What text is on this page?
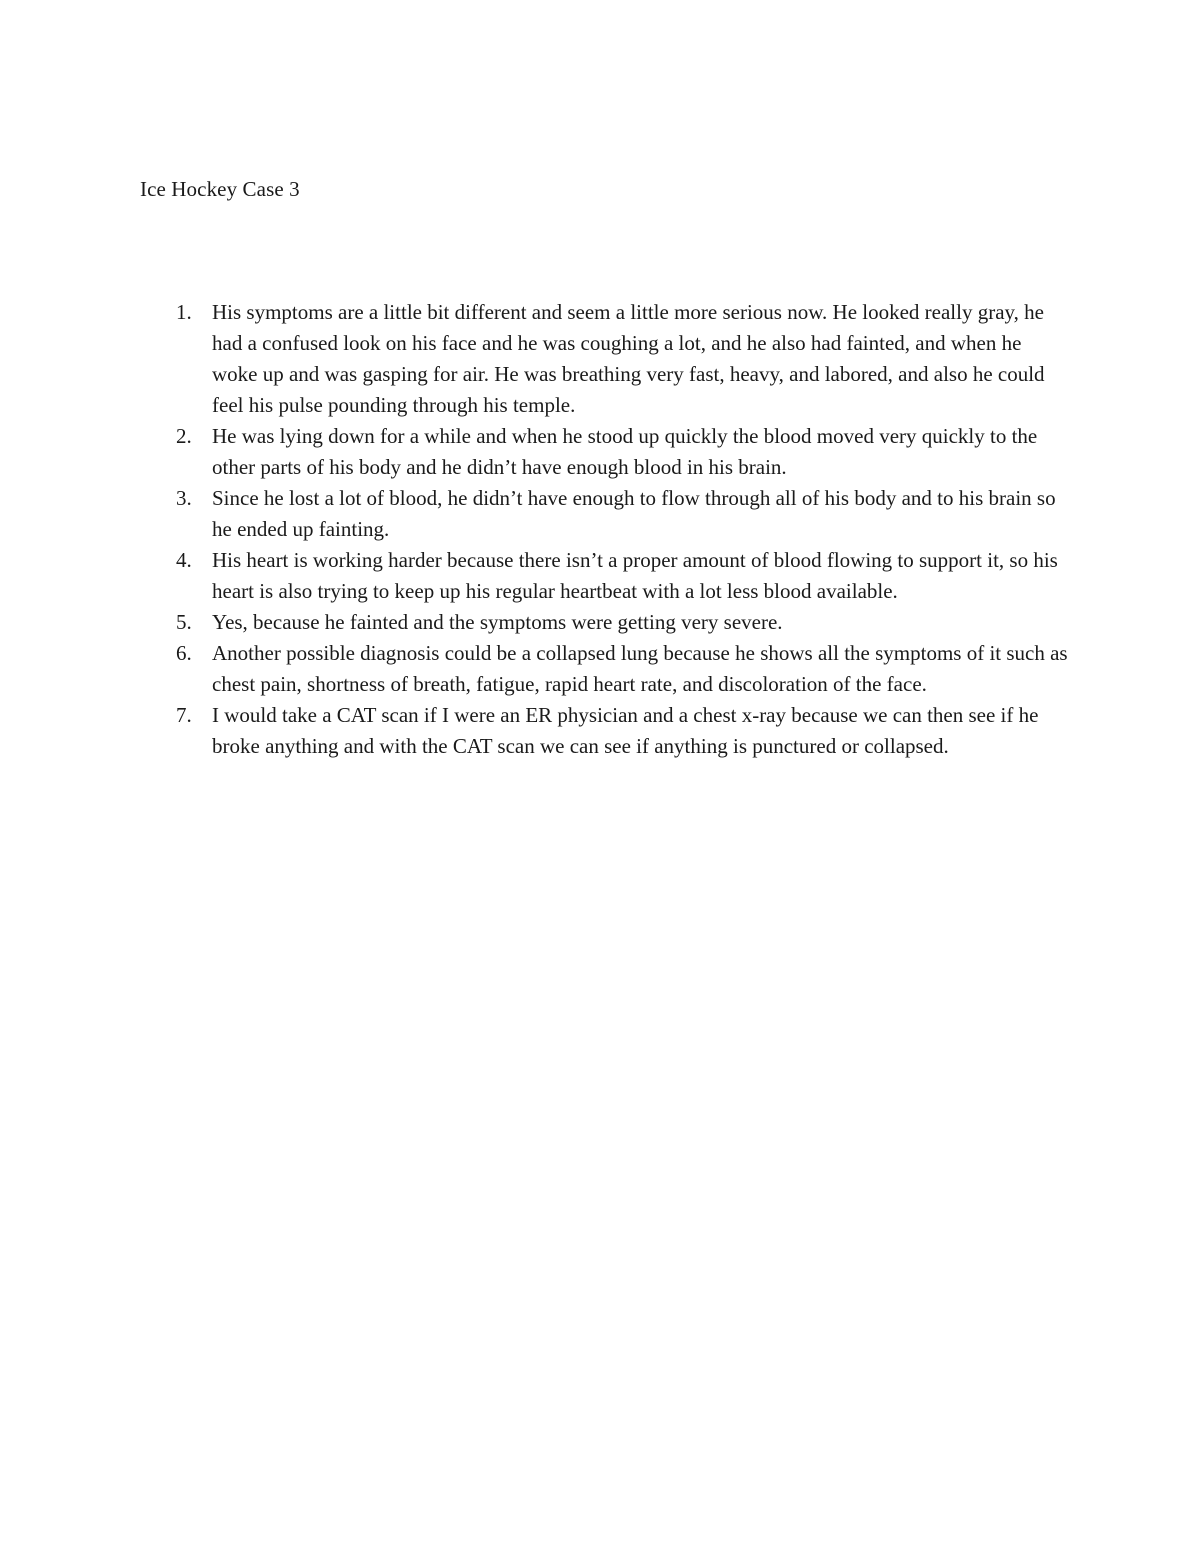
Ice Hockey Case 3
1. His symptoms are a little bit different and seem a little more serious now. He looked really gray, he had a confused look on his face and he was coughing a lot, and he also had fainted, and when he woke up and was gasping for air. He was breathing very fast, heavy, and labored, and also he could feel his pulse pounding through his temple.
2. He was lying down for a while and when he stood up quickly the blood moved very quickly to the other parts of his body and he didn’t have enough blood in his brain.
3. Since he lost a lot of blood, he didn’t have enough to flow through all of his body and to his brain so he ended up fainting.
4. His heart is working harder because there isn’t a proper amount of blood flowing to support it, so his heart is also trying to keep up his regular heartbeat with a lot less blood available.
5. Yes, because he fainted and the symptoms were getting very severe.
6. Another possible diagnosis could be a collapsed lung because he shows all the symptoms of it such as chest pain, shortness of breath, fatigue, rapid heart rate, and discoloration of the face.
7. I would take a CAT scan if I were an ER physician and a chest x-ray because we can then see if he broke anything and with the CAT scan we can see if anything is punctured or collapsed.
